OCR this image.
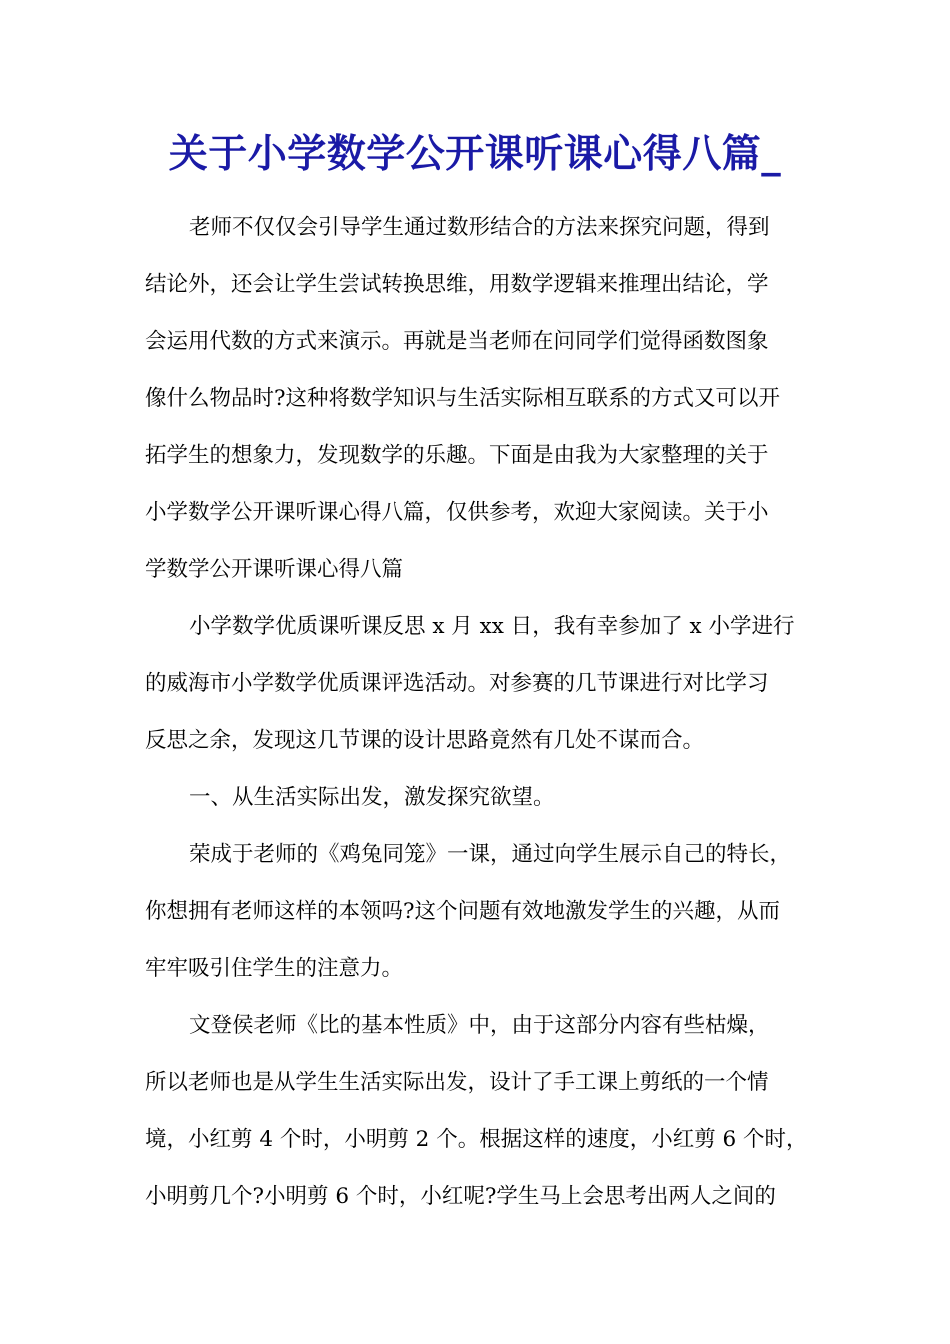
关于小学数学公开课听课心得八篇_
老师不仅仅会引导学生通过数形结合的方法来探究问题，得到
结论外，还会让学生尝试转换思维，用数学逻辑来推理出结论，学
会运用代数的方式来演示。再就是当老师在问同学们觉得函数图象
像什么物品时?这种将数学知识与生活实际相互联系的方式又可以开
拓学生的想象力，发现数学的乐趣。下面是由我为大家整理的关于
小学数学公开课听课心得八篇，仅供参考，欢迎大家阅读。关于小
学数学公开课听课心得八篇
小学数学优质课听课反思 x 月 xx 日，我有幸参加了 x 小学进行
的威海市小学数学优质课评选活动。对参赛的几节课进行对比学习
反思之余，发现这几节课的设计思路竟然有几处不谋而合。
一、从生活实际出发，激发探究欲望。
荣成于老师的《鸡兔同笼》一课，通过向学生展示自己的特长，
你想拥有老师这样的本领吗?这个问题有效地激发学生的兴趣，从而
牢牢吸引住学生的注意力。
文登侯老师《比的基本性质》中，由于这部分内容有些枯燥，
所以老师也是从学生生活实际出发，设计了手工课上剪纸的一个情
境，小红剪 4 个时，小明剪 2 个。根据这样的速度，小红剪 6 个时，
小明剪几个?小明剪 6 个时，小红呢?学生马上会思考出两人之间的
